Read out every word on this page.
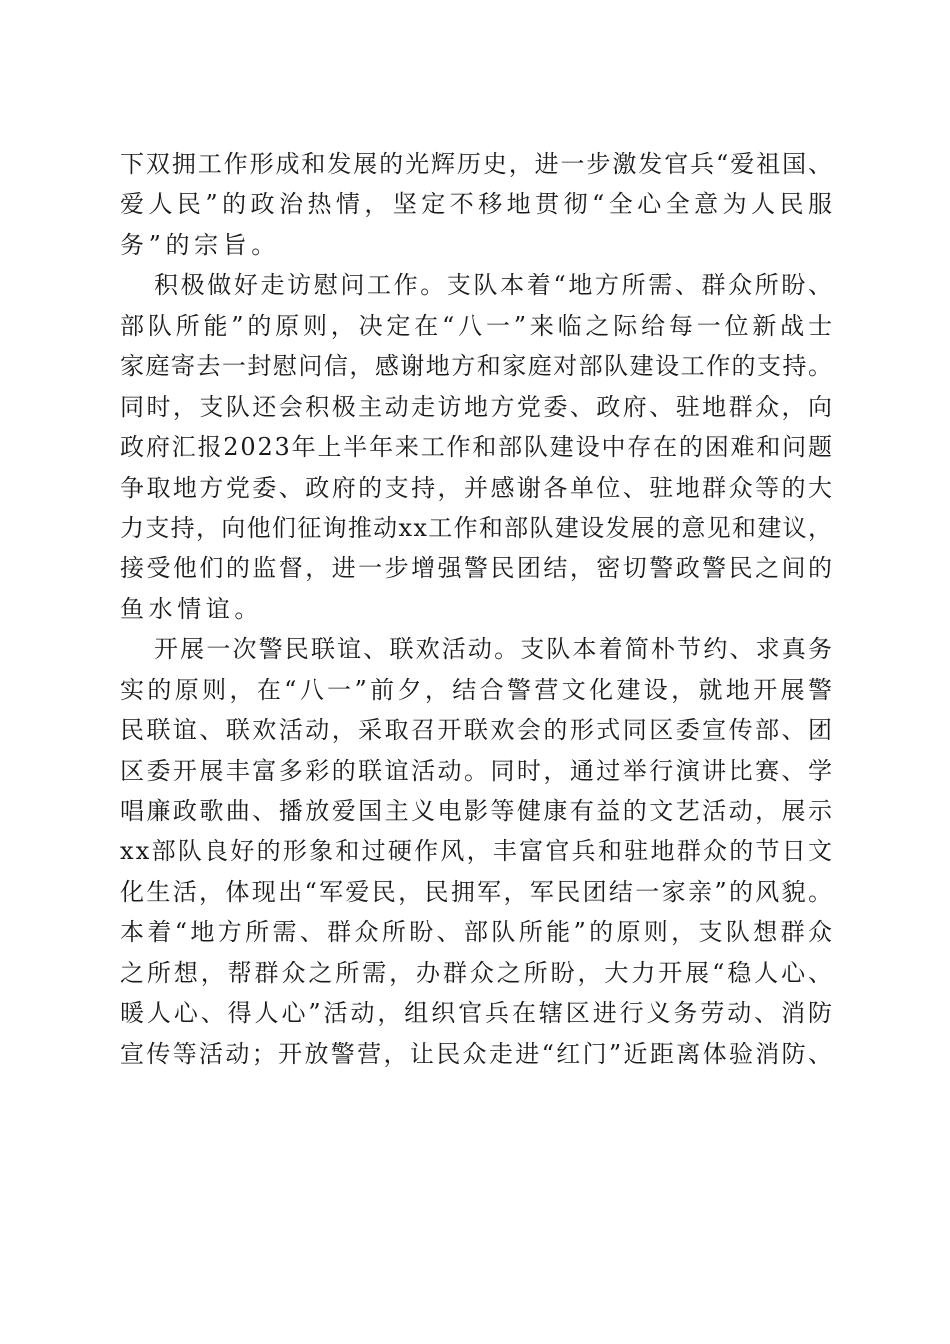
下双拥工作形成和发展的光辉历史，进一步激发官兵“爱祖国、
爱人民”的政治热情，坚定不移地贯彻“全心全意为人民服
务”的宗旨。
积极做好走访慰问工作。支队本着“地方所需、群众所盼、
部队所能”的原则，决定在“八一”来临之际给每一位新战士
家庭寄去一封慰问信，感谢地方和家庭对部队建设工作的支持。
同时，支队还会积极主动走访地方党委、政府、驻地群众，向
政府汇报2023年上半年来工作和部队建设中存在的困难和问题
争取地方党委、政府的支持，并感谢各单位、驻地群众等的大
力支持，向他们征询推动xx工作和部队建设发展的意见和建议，
接受他们的监督，进一步增强警民团结，密切警政警民之间的
鱼水情谊。
开展一次警民联谊、联欢活动。支队本着简朴节约、求真务
实的原则，在“八一”前夕，结合警营文化建设，就地开展警
民联谊、联欢活动，采取召开联欢会的形式同区委宣传部、团
区委开展丰富多彩的联谊活动。同时，通过举行演讲比赛、学
唱廉政歌曲、播放爱国主义电影等健康有益的文艺活动，展示
xx部队良好的形象和过硬作风，丰富官兵和驻地群众的节日文
化生活，体现出“军爱民，民拥军，军民团结一家亲”的风貌。
本着“地方所需、群众所盼、部队所能”的原则，支队想群众
之所想，帮群众之所需，办群众之所盼，大力开展“稳人心、
暖人心、得人心”活动，组织官兵在辖区进行义务劳动、消防
宣传等活动；开放警营，让民众走进“红门”近距离体验消防、
